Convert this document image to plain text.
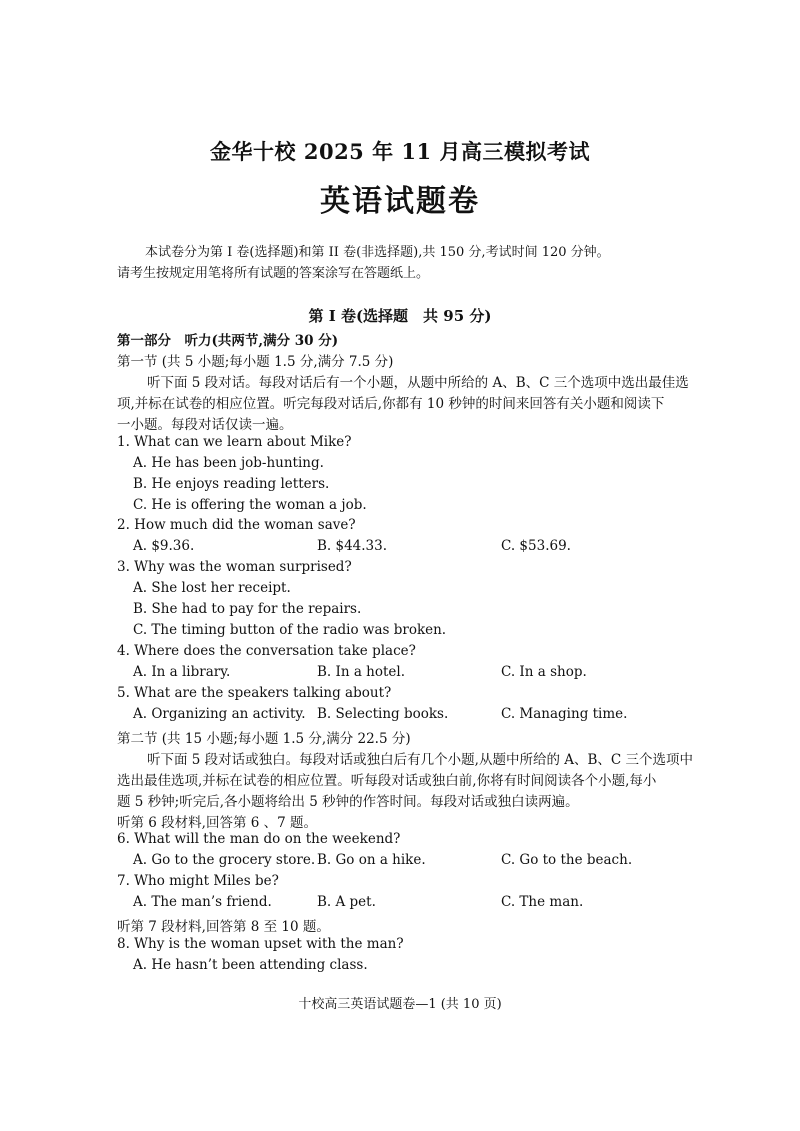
金华十校 2025 年 11 月高三模拟考试
英语试题卷
本试卷分为第 Ⅰ 卷(选择题)和第 II 卷(非选择题),共 150 分,考试时间 120 分钟。
请考生按规定用笔将所有试题的答案涂写在答题纸上。
第 I 卷(选择题　共 95 分)
第一部分　听力(共两节,满分 30 分)
第一节 (共 5 小题;每小题 1.5 分,满分 7.5 分)
听下面 5 段对话。每段对话后有一个小题，从题中所给的 A、B、C 三个选项中选出最佳选
项,并标在试卷的相应位置。听完每段对话后,你都有 10 秒钟的时间来回答有关小题和阅读下
一小题。每段对话仅读一遍。
1. What can we learn about Mike?
A. He has been job-hunting.
B. He enjoys reading letters.
C. He is offering the woman a job.
2. How much did the woman save?
A. $9.36.	B. $44.33.	C. $53.69.
3. Why was the woman surprised?
A. She lost her receipt.
B. She had to pay for the repairs.
C. The timing button of the radio was broken.
4. Where does the conversation take place?
A. In a library.	B. In a hotel.	C. In a shop.
5. What are the speakers talking about?
A. Organizing an activity. B. Selecting books.	C. Managing time.
第二节 (共 15 小题;每小题 1.5 分,满分 22.5 分)
听下面 5 段对话或独白。每段对话或独白后有几个小题,从题中所给的 A、B、C 三个选项中
选出最佳选项,并标在试卷的相应位置。听每段对话或独白前,你将有时间阅读各个小题,每小
题 5 秒钟;听完后,各小题将给出 5 秒钟的作答时间。每段对话或独白读两遍。
听第 6 段材料,回答第 6 、7 题。
6. What will the man do on the weekend?
A. Go to the grocery store. B. Go on a hike.	C. Go to the beach.
7. Who might Miles be?
A. The man’s friend.	B. A pet.	C. The man.
听第 7 段材料,回答第 8 至 10 题。
8. Why is the woman upset with the man?
A. He hasn’t been attending class.
十校高三英语试题卷—1 (共 10 页)
